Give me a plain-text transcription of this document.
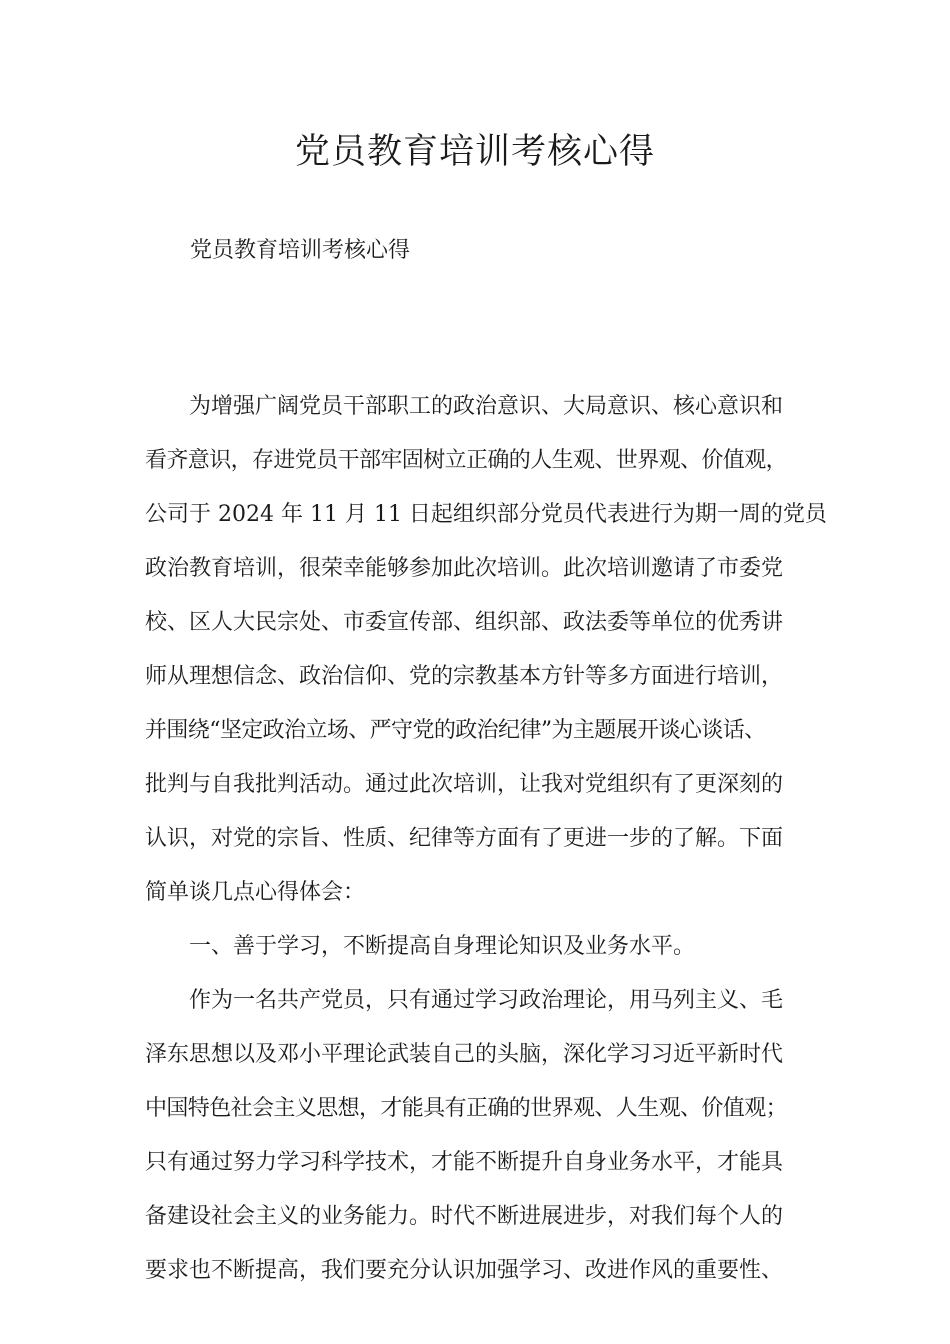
党员教育培训考核心得

党员教育培训考核心得

为增强广阔党员干部职工的政治意识、大局意识、核心意识和
看齐意识，存进党员干部牢固树立正确的人生观、世界观、价值观，
公司于 2024 年 11 月 11 日起组织部分党员代表进行为期一周的党员
政治教育培训，很荣幸能够参加此次培训。此次培训邀请了市委党
校、区人大民宗处、市委宣传部、组织部、政法委等单位的优秀讲
师从理想信念、政治信仰、党的宗教基本方针等多方面进行培训，
并围绕“坚定政治立场、严守党的政治纪律”为主题展开谈心谈话、
批判与自我批判活动。通过此次培训，让我对党组织有了更深刻的
认识，对党的宗旨、性质、纪律等方面有了更进一步的了解。下面
简单谈几点心得体会：

一、善于学习，不断提高自身理论知识及业务水平。

作为一名共产党员，只有通过学习政治理论，用马列主义、毛
泽东思想以及邓小平理论武装自己的头脑，深化学习习近平新时代
中国特色社会主义思想，才能具有正确的世界观、人生观、价值观；
只有通过努力学习科学技术，才能不断提升自身业务水平，才能具
备建设社会主义的业务能力。时代不断进展进步，对我们每个人的
要求也不断提高，我们要充分认识加强学习、改进作风的重要性、
